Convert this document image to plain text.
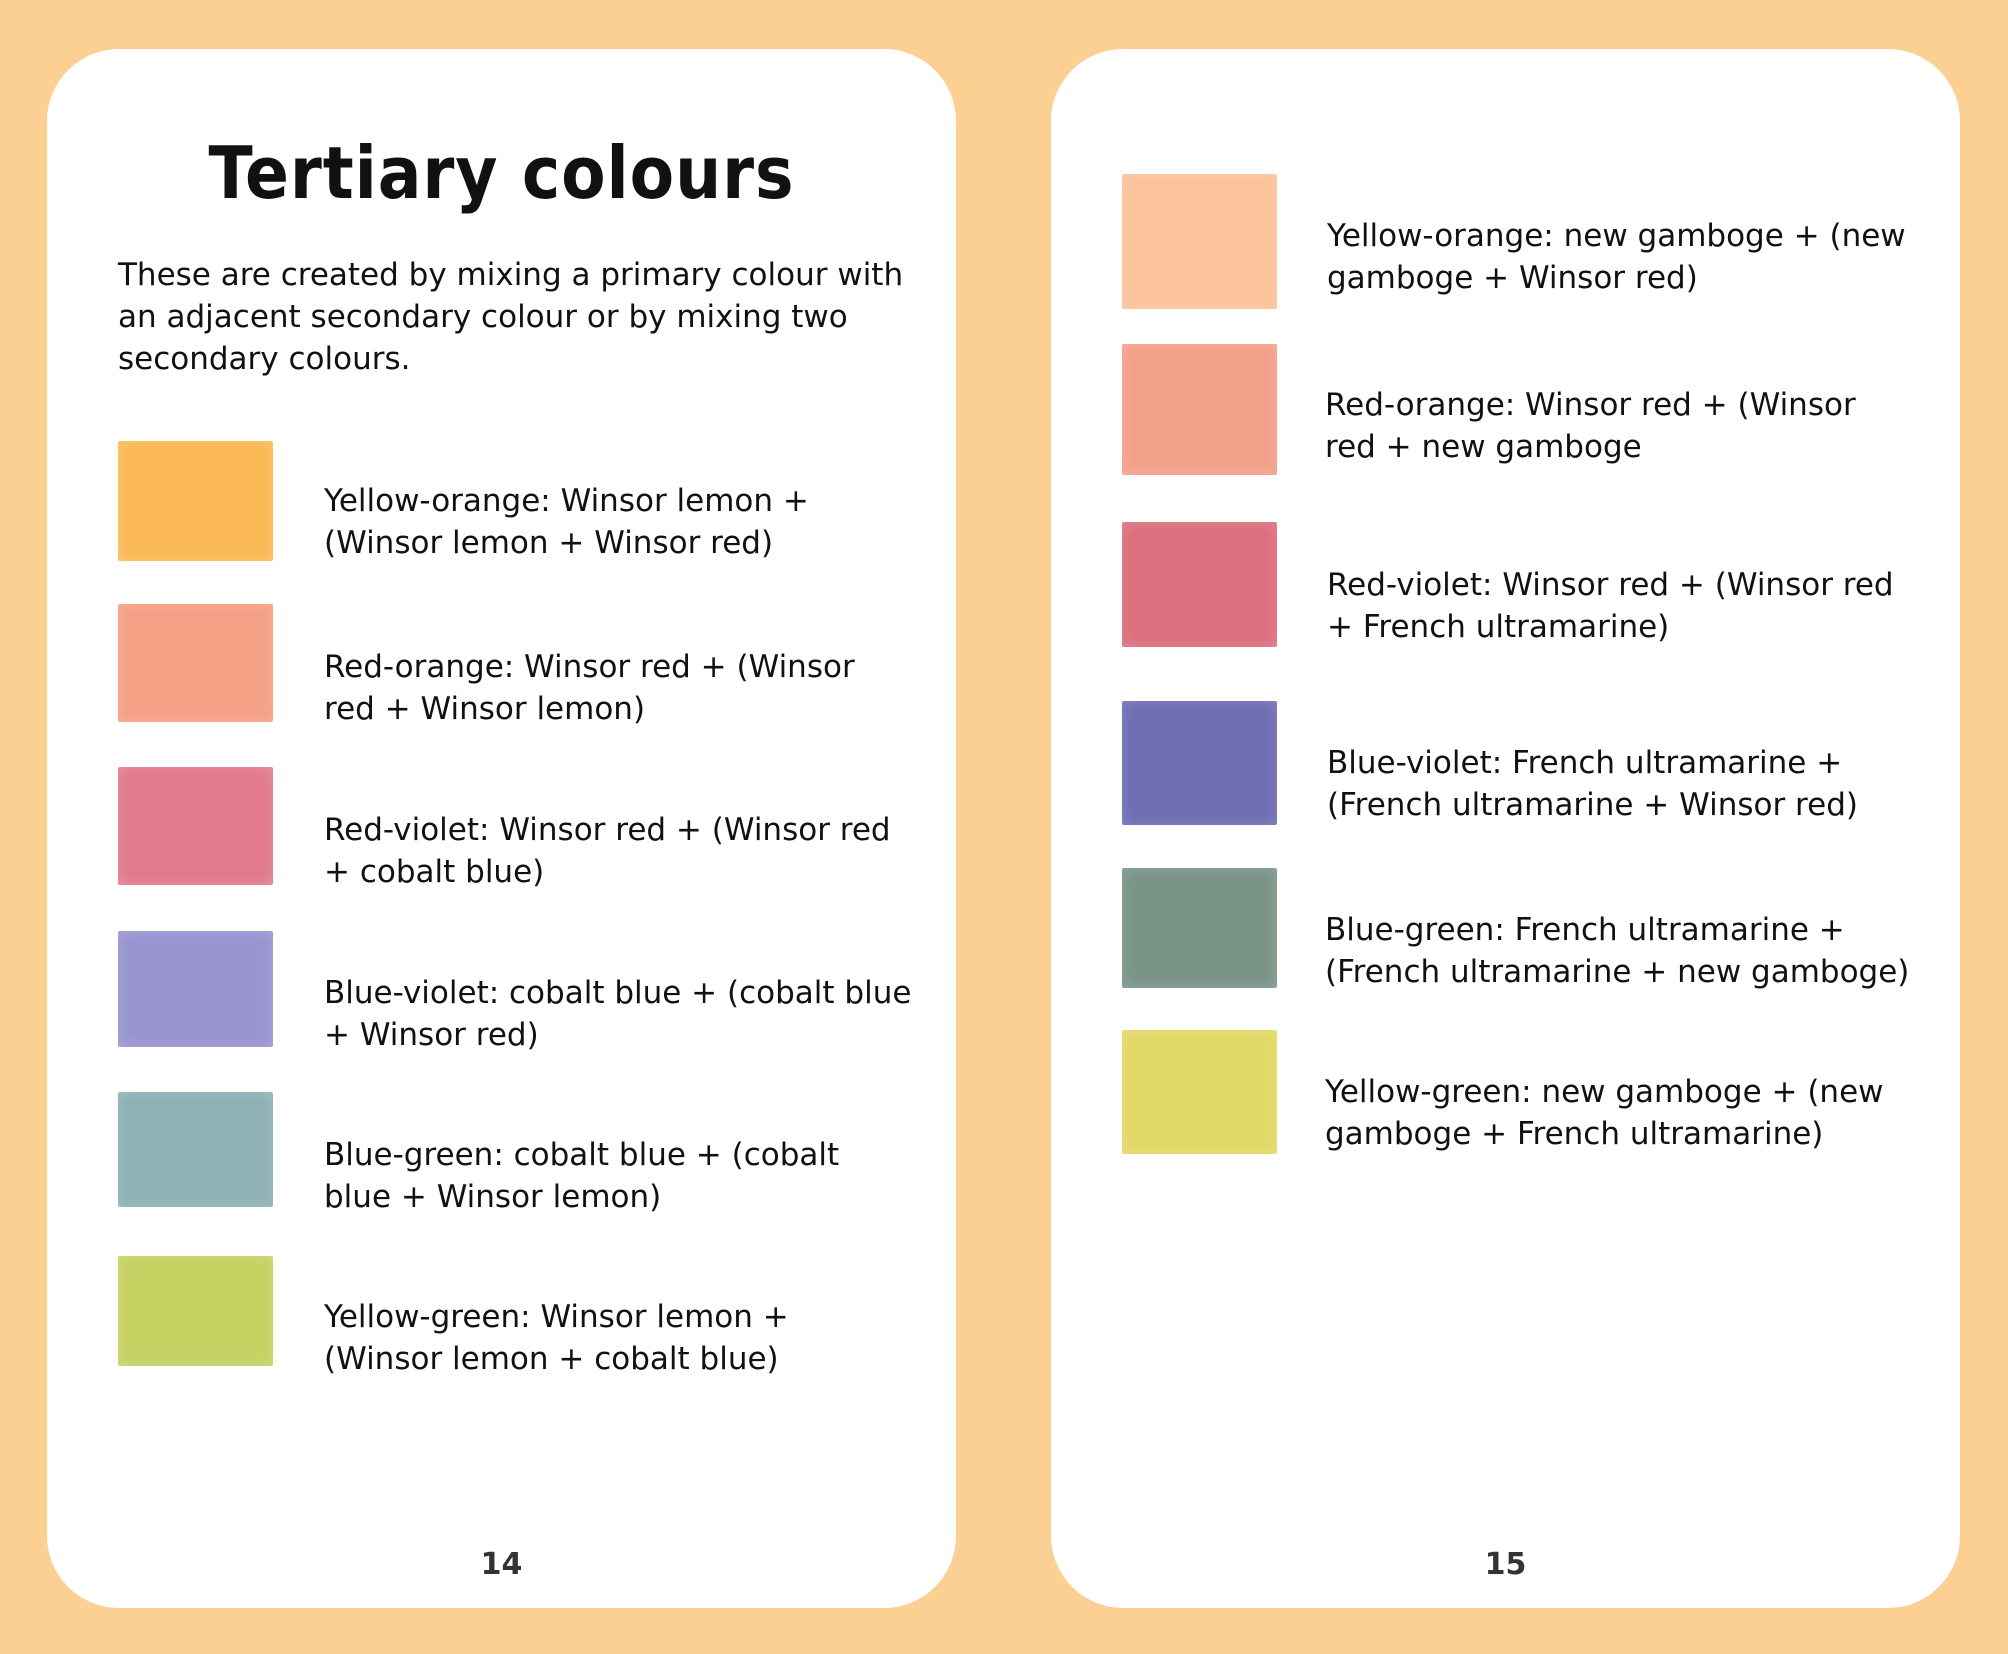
Tertiary colours

These are created by mixing a primary colour with an adjacent secondary colour or by mixing two secondary colours.

Yellow-orange: Winsor lemon +
(Winsor lemon + Winsor red)
Red-orange: Winsor red + (Winsor
red + Winsor lemon)
Red-violet: Winsor red + (Winsor red
+ cobalt blue)
Blue-violet: cobalt blue + (cobalt blue
+ Winsor red)
Blue-green: cobalt blue + (cobalt
blue + Winsor lemon)
Yellow-green: Winsor lemon +
(Winsor lemon + cobalt blue)
14
Yellow-orange: new gamboge + (new
gamboge + Winsor red)
Red-orange: Winsor red + (Winsor
red + new gamboge
Red-violet: Winsor red + (Winsor red
+ French ultramarine)
Blue-violet: French ultramarine +
(French ultramarine + Winsor red)
Blue-green: French ultramarine +
(French ultramarine + new gamboge)
Yellow-green: new gamboge + (new
gamboge + French ultramarine)
15
